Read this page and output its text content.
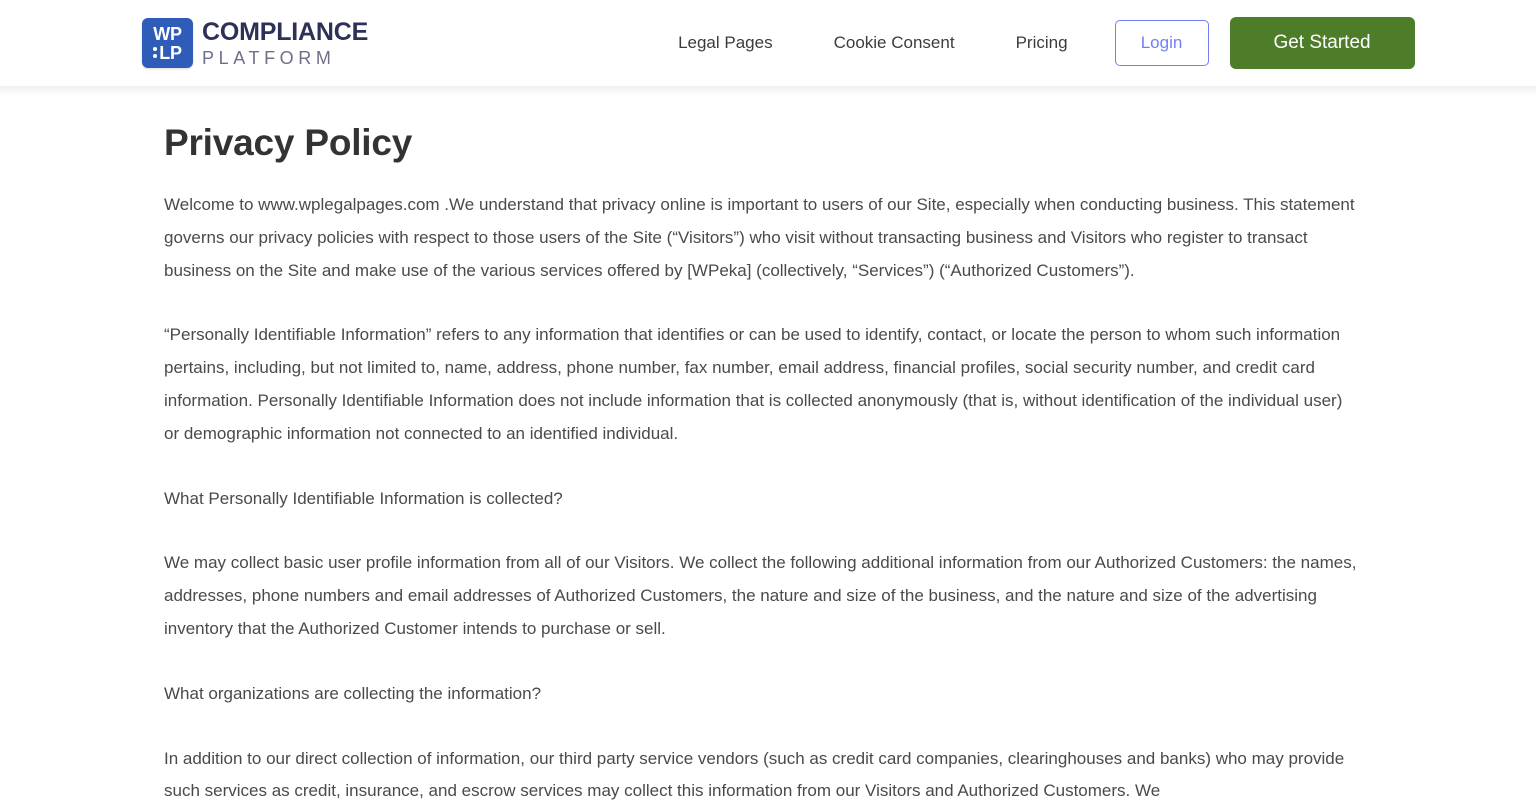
WP
LP
COMPLIANCE
PLATFORM
Legal Pages	Cookie Consent	Pricing	Login	Get Started
Privacy Policy

Welcome to www.wplegalpages.com .We understand that privacy online is important to users of our Site, especially when conducting business. This statement governs our privacy policies with respect to those users of the Site (“Visitors”) who visit without transacting business and Visitors who register to transact business on the Site and make use of the various services offered by [WPeka] (collectively, “Services”) (“Authorized Customers”).

“Personally Identifiable Information” refers to any information that identifies or can be used to identify, contact, or locate the person to whom such information pertains, including, but not limited to, name, address, phone number, fax number, email address, financial profiles, social security number, and credit card information. Personally Identifiable Information does not include information that is collected anonymously (that is, without identification of the individual user) or demographic information not connected to an identified individual.

What Personally Identifiable Information is collected?

We may collect basic user profile information from all of our Visitors. We collect the following additional information from our Authorized Customers: the names, addresses, phone numbers and email addresses of Authorized Customers, the nature and size of the business, and the nature and size of the advertising inventory that the Authorized Customer intends to purchase or sell.

What organizations are collecting the information?

In addition to our direct collection of information, our third party service vendors (such as credit card companies, clearinghouses and banks) who may provide such services as credit, insurance, and escrow services may collect this information from our Visitors and Authorized Customers. We
